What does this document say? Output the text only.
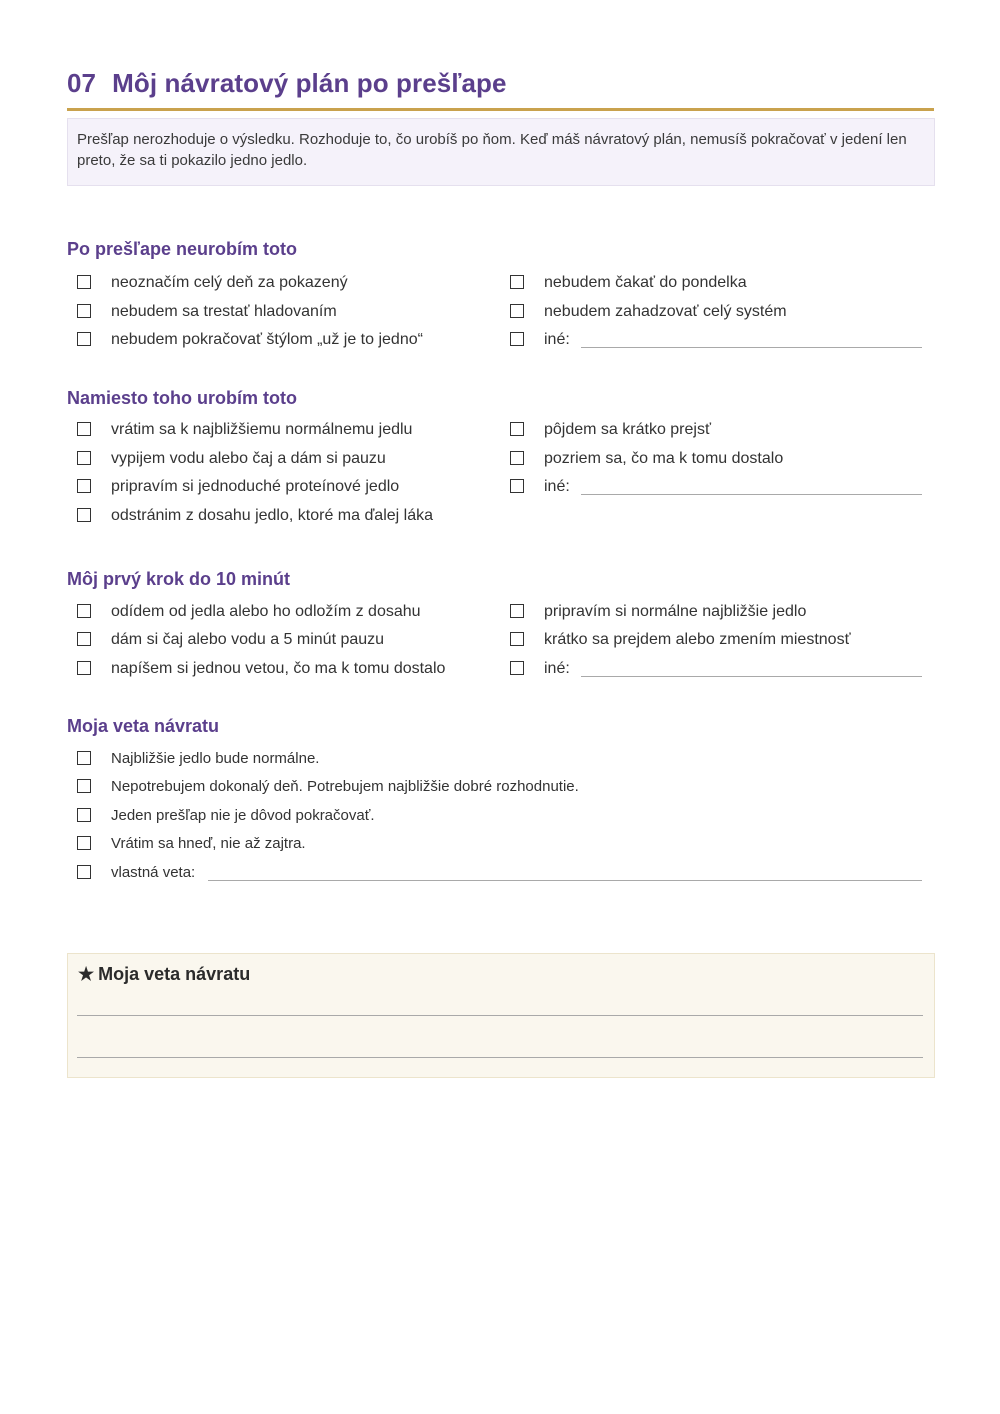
07 Môj návratový plán po prešľape
Prešľap nerozhoduje o výsledku. Rozhoduje to, čo urobíš po ňom. Keď máš návratový plán, nemusíš pokračovať v jedení len preto, že sa ti pokazilo jedno jedlo.
Po prešľape neurobím toto
neoznačím celý deň za pokazený
nebudem sa trestať hladovaním
nebudem pokračovať štýlom „už je to jedno“
nebudem čakať do pondelka
nebudem zahadzovať celý systém
iné:
Namiesto toho urobím toto
vrátim sa k najbližšiemu normálnemu jedlu
vypijem vodu alebo čaj a dám si pauzu
pripravím si jednoduché proteínové jedlo
odstránim z dosahu jedlo, ktoré ma ďalej láka
pôjdem sa krátko prejsť
pozriem sa, čo ma k tomu dostalo
iné:
Môj prvý krok do 10 minút
odídem od jedla alebo ho odložím z dosahu
dám si čaj alebo vodu a 5 minút pauzu
napíšem si jednou vetou, čo ma k tomu dostalo
pripravím si normálne najbližšie jedlo
krátko sa prejdem alebo zmením miestnosť
iné:
Moja veta návratu
Najbližšie jedlo bude normálne.
Nepotrebujem dokonalý deň. Potrebujem najbližšie dobré rozhodnutie.
Jeden prešľap nie je dôvod pokračovať.
Vrátim sa hneď, nie až zajtra.
vlastná veta:
★ Moja veta návratu
